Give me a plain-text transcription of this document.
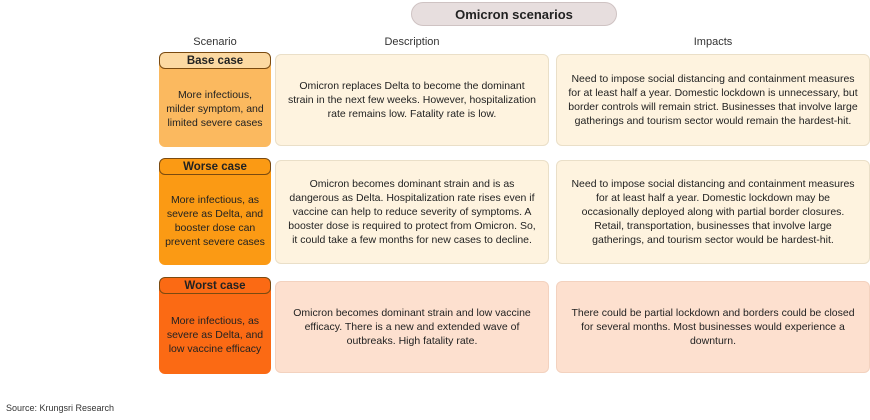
Omicron scenarios
Scenario	Description	Impacts
Base case
More infectious, milder symptom, and limited severe cases
Omicron replaces Delta to become the dominant strain in the next few weeks. However, hospitalization rate remains low. Fatality rate is low.
Need to impose social distancing and containment measures for at least half a year. Domestic lockdown is unnecessary, but border controls will remain strict. Businesses that involve large gatherings and tourism sector would remain the hardest-hit.
Worse case
More infectious, as severe as Delta, and booster dose can prevent severe cases
Omicron becomes dominant strain and is as dangerous as Delta. Hospitalization rate rises even if vaccine can help to reduce severity of symptoms. A booster dose is required to protect from Omicron. So, it could take a few months for new cases to decline.
Need to impose social distancing and containment measures for at least half a year. Domestic lockdown may be occasionally deployed along with partial border closures. Retail, transportation, businesses that involve large gatherings, and tourism sector would be hardest-hit.
Worst case
More infectious, as severe as Delta, and low vaccine efficacy
Omicron becomes dominant strain and low vaccine efficacy. There is a new and extended wave of outbreaks. High fatality rate.
There could be partial lockdown and borders could be closed for several months. Most businesses would experience a downturn.
Source: Krungsri Research
